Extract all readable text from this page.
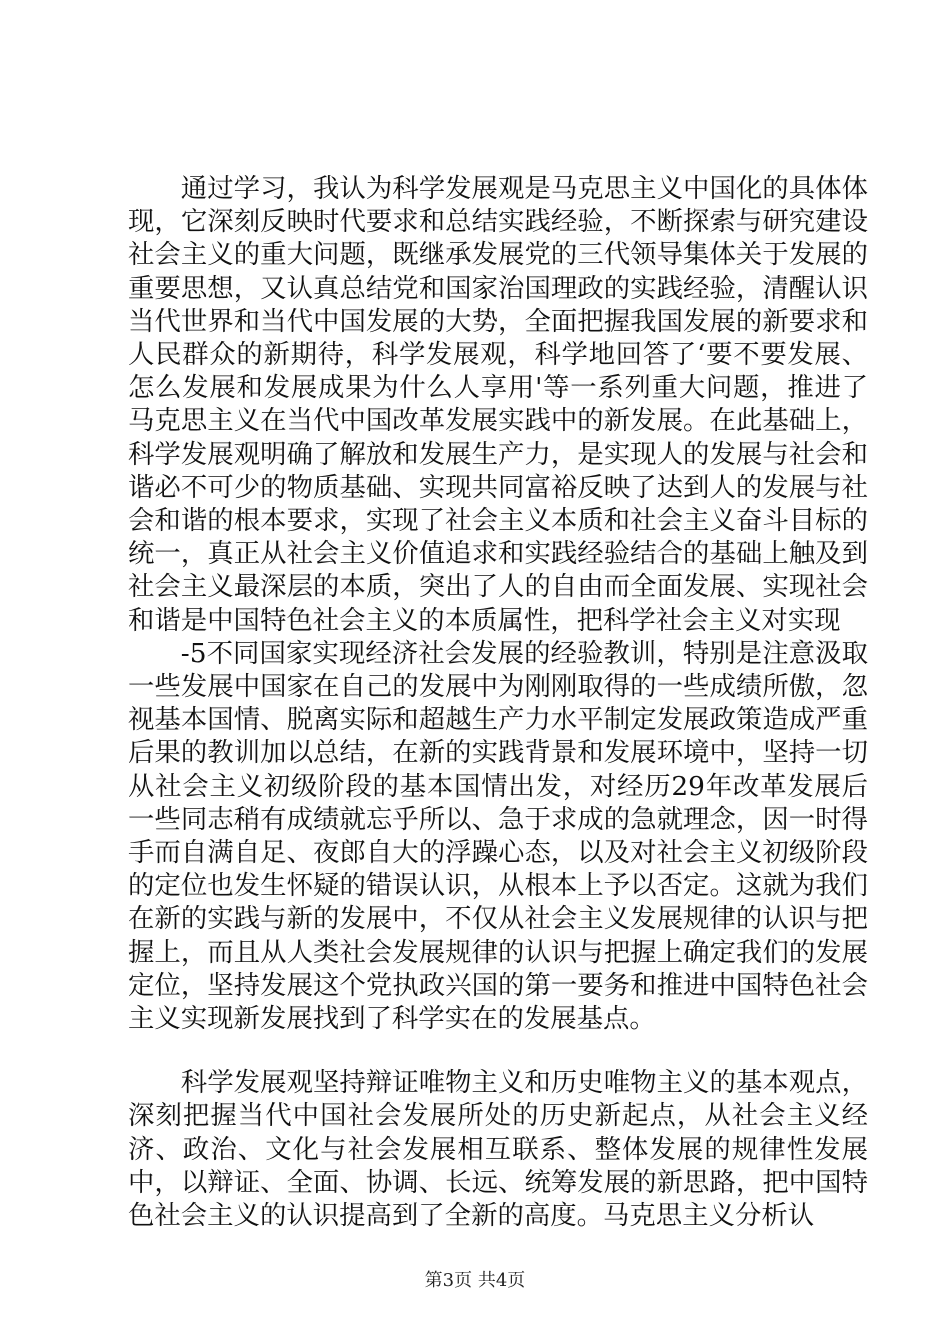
通过学习，我认为科学发展观是马克思主义中国化的具体体现，它深刻反映时代要求和总结实践经验，不断探索与研究建设社会主义的重大问题，既继承发展党的三代领导集体关于发展的重要思想，又认真总结党和国家治国理政的实践经验，清醒认识当代世界和当代中国发展的大势，全面把握我国发展的新要求和人民群众的新期待，科学发展观，科学地回答了‘要不要发展、怎么发展和发展成果为什么人享用'等一系列重大问题，推进了马克思主义在当代中国改革发展实践中的新发展。在此基础上，科学发展观明确了解放和发展生产力，是实现人的发展与社会和谐必不可少的物质基础、实现共同富裕反映了达到人的发展与社会和谐的根本要求，实现了社会主义本质和社会主义奋斗目标的统一，真正从社会主义价值追求和实践经验结合的基础上触及到社会主义最深层的本质，突出了人的自由而全面发展、实现社会和谐是中国特色社会主义的本质属性，把科学社会主义对实现

-5不同国家实现经济社会发展的经验教训，特别是注意汲取一些发展中国家在自己的发展中为刚刚取得的一些成绩所傲，忽视基本国情、脱离实际和超越生产力水平制定发展政策造成严重后果的教训加以总结，在新的实践背景和发展环境中，坚持一切从社会主义初级阶段的基本国情出发，对经历29年改革发展后一些同志稍有成绩就忘乎所以、急于求成的急就理念，因一时得手而自满自足、夜郎自大的浮躁心态，以及对社会主义初级阶段的定位也发生怀疑的错误认识，从根本上予以否定。这就为我们在新的实践与新的发展中，不仅从社会主义发展规律的认识与把握上，而且从人类社会发展规律的认识与把握上确定我们的发展定位，坚持发展这个党执政兴国的第一要务和推进中国特色社会主义实现新发展找到了科学实在的发展基点。

科学发展观坚持辩证唯物主义和历史唯物主义的基本观点，深刻把握当代中国社会发展所处的历史新起点，从社会主义经济、政治、文化与社会发展相互联系、整体发展的规律性发展中，以辩证、全面、协调、长远、统筹发展的新思路，把中国特色社会主义的认识提高到了全新的高度。马克思主义分析认

第3页 共4页
